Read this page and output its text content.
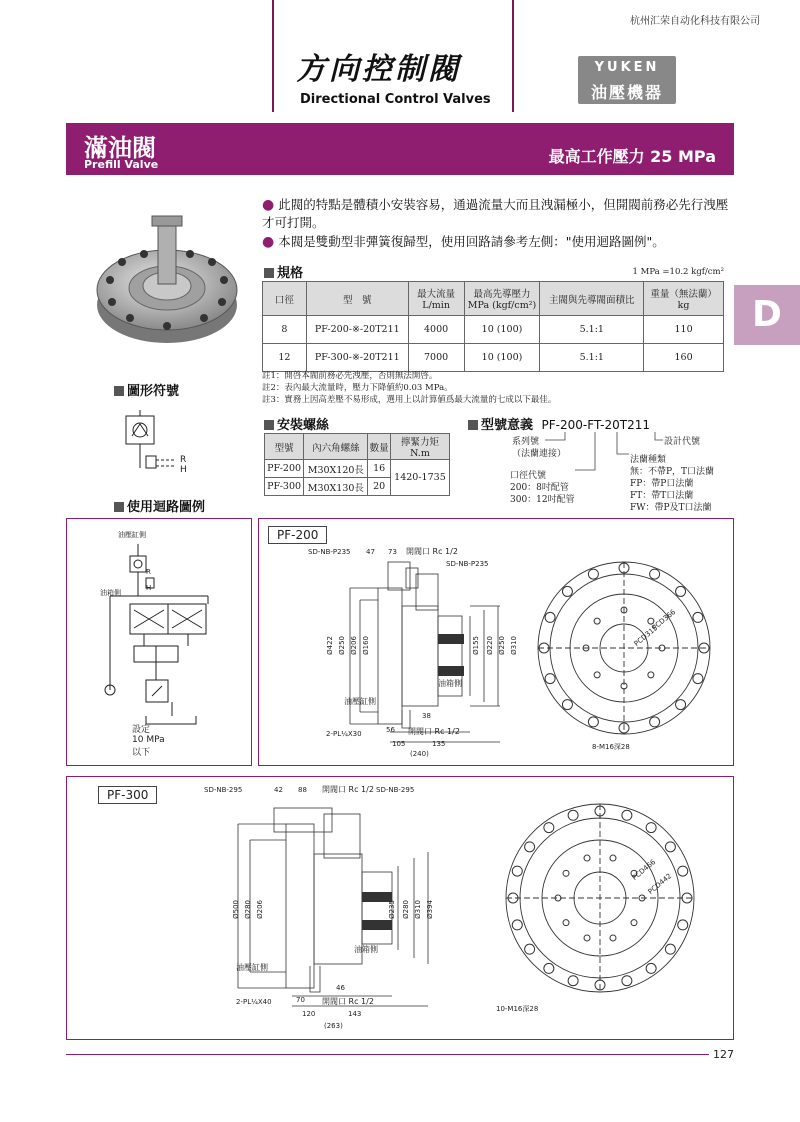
杭州汇荣自动化科技有限公司
方向控制閥
Directional Control Valves
YUKEN
油壓機器
滿油閥
Prefill Valve	最高工作壓力 25 MPa
D
● 此閥的特點是體積小安裝容易，通過流量大而且洩漏極小，但開閥前務必先行洩壓才可打開。
● 本閥是雙動型非彈簧復歸型，使用回路請參考左側："使用迴路圖例"。
規格	1 MPa =10.2 kgf/cm²
口徑	型　號	最大流量
L/min	最高先導壓力
MPa (kgf/cm²)	主閥與先導閥面積比	重量（無法蘭）
kg
8	PF-200-※-20T211	4000	10 (100)	5.1:1	110
12	PF-300-※-20T211	7000	10 (100)	5.1:1	160
註1：開啓本閥前務必先洩壓，否則無法開啓。
註2：表內最大流量時，壓力下降値約0.03 MPa。
註3：實務上因高差壓不易形成，選用上以計算値爲最大流量的七成以下最佳。
圖形符號
R
H
安裝螺絲
型號	內六角螺絲	數量	擰緊力矩
N.m
PF-200	M30X120長	16	1420-1735
PF-300	M30X130長	20	
型號意義 PF-200-FT-20T211
系列號
（法蘭連接）
口徑代號
200：8吋配管
300：12吋配管
設計代號
法蘭種類
無：不帶P，T口法蘭
FP：帶P口法蘭
FT：帶T口法蘭
FW：帶P及T口法蘭
使用迴路圖例
油壓缸側
油箱側
R
H
設定
10 MPa
以下
PF-200
SD-NB-P235
SD-NB-P235
47 73 開閥口 Rc 1/2
油箱側
油壓缸側
2-PL¼X30	56
38
開閥口 Rc 1/2
105	135
(240)
Ø422 Ø250 Ø206 Ø160	Ø155 Ø220 Ø250 Ø310
8-M16深28
PCD366
PCD315
PF-300	SD-NB-295	SD-NB-295
42 88 開閥口 Rc 1/2
油箱側
油壓缸側
2-PL¼X40
46
70 開閥口 Rc 1/2
120	143
(263)
Ø500 Ø280 Ø206	Ø235 Ø280 Ø310 Ø394
10-M16深28
PCD466
PCD442
127
